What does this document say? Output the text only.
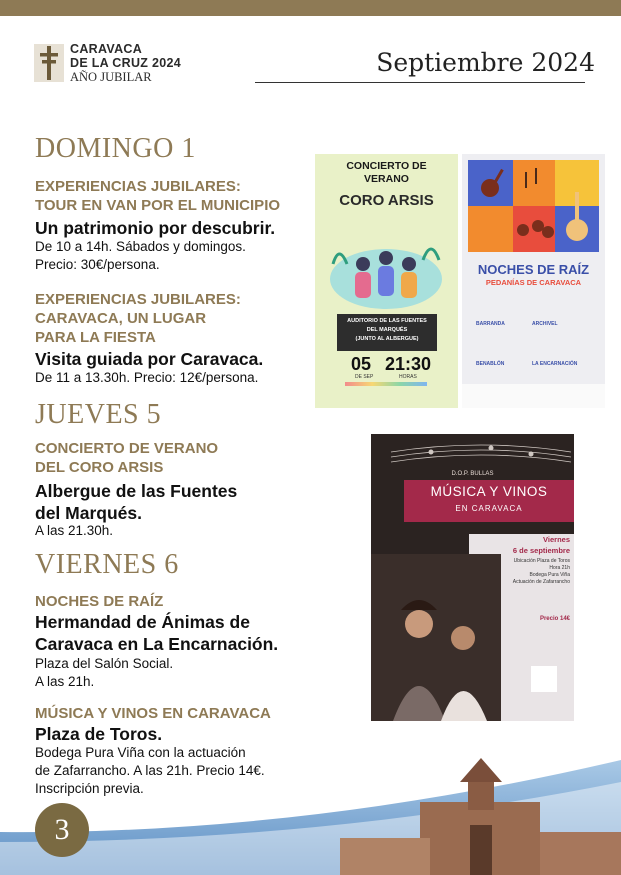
CARAVACA
DE LA CRUZ 2024
AÑO JUBILAR	Septiembre 2024
DOMINGO 1
EXPERIENCIAS JUBILARES:
TOUR EN VAN POR EL MUNICIPIO
Un patrimonio por descubrir.
De 10 a 14h. Sábados y domingos.
Precio: 30€/persona.
EXPERIENCIAS JUBILARES:
CARAVACA, UN LUGAR
PARA LA FIESTA
Visita guiada por Caravaca.
De 11 a 13.30h. Precio: 12€/persona.
JUEVES 5
CONCIERTO DE VERANO
DEL CORO ARSIS
Albergue de las Fuentes
del Marqués.
A las 21.30h.
VIERNES 6
NOCHES DE RAÍZ
Hermandad de Ánimas de
Caravaca en La Encarnación.
Plaza del Salón Social.
A las 21h.
MÚSICA Y VINOS EN CARAVACA
Plaza de Toros.
Bodega Pura Viña con la actuación
de Zafarrancho. A las 21h. Precio 14€.
Inscripción previa.
CONCIERTO DE
VERANO
CORO ARSIS
AUDITORIO DE LAS FUENTES
DEL MARQUÉS
(JUNTO AL ALBERGUE)
05
DE SEP
21:30
HORAS
NOCHES DE RAÍZ
PEDANÍAS DE CARAVACA
BARRANDA	ARCHIVEL BENABLÓN	LA ENCARNACIÓN
D.O.P. BULLAS
MÚSICA Y VINOS
EN CARAVACA
Viernes
6 de septiembre
Ubicación Plaza de Toros
Hora 21h
Bodega Pura Viña
Actuación de Zafarrancho
Precio 14€
3
